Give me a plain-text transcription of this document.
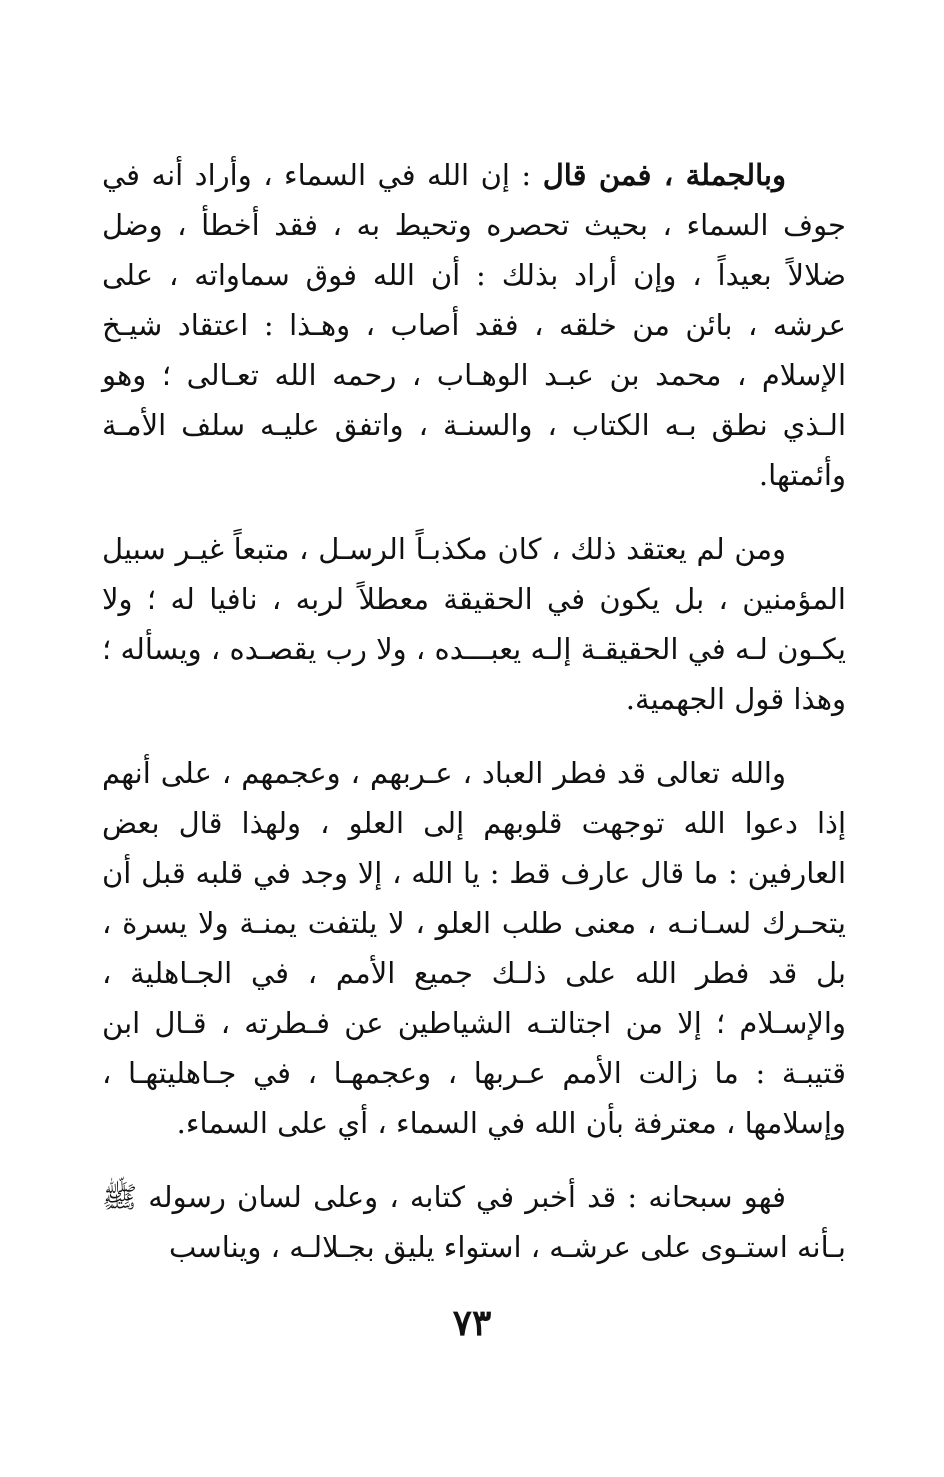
وبالجملة ، فمن قال : إن الله في السماء ، وأراد أنه في جوف السماء ، بحيث تحصره وتحيط به ، فقد أخطأ ، وضل ضلالاً بعيداً ، وإن أراد بذلك : أن الله فوق سماواته ، على عرشه ، بائن من خلقه ، فقد أصاب ، وهـذا : اعتقاد شيـخ الإسلام ، محمد بن عبـد الوهـاب ، رحمه الله تعـالى ؛ وهو الـذي نطق بـه الكتاب ، والسنـة ، واتفق عليـه سلف الأمـة وأئمتها.

ومن لم يعتقد ذلك ، كان مكذبـاً الرسـل ، متبعاً غيـر سبيل المؤمنين ، بل يكون في الحقيقة معطلاً لربه ، نافيا له ؛ ولا يكـون لـه في الحقيقـة إلـه يعبـــده ، ولا رب يقصـده ، ويسأله ؛ وهذا قول الجهمية.

والله تعالى قد فطر العباد ، عـربهم ، وعجمهم ، على أنهم إذا دعوا الله توجهت قلوبهم إلى العلو ، ولهذا قال بعض العارفين : ما قال عارف قط : يا الله ، إلا وجد في قلبه قبل أن يتحـرك لسـانـه ، معنى طلب العلو ، لا يلتفت يمنـة ولا يسرة ، بل قد فطر الله على ذلـك جميع الأمم ، في الجـاهلية ، والإسـلام ؛ إلا من اجتالتـه الشياطين عن فـطرته ، قـال ابن قتيبـة : ما زالت الأمم عـربها ، وعجمهـا ، في جـاهليتهـا ، وإسلامها ، معترفة بأن الله في السماء ، أي على السماء.

فهو سبحانه : قد أخبر في كتابه ، وعلى لسان رسوله ﷺ بـأنه استـوى على عرشـه ، استواء يليق بجـلالـه ، ويناسب

٧٣
